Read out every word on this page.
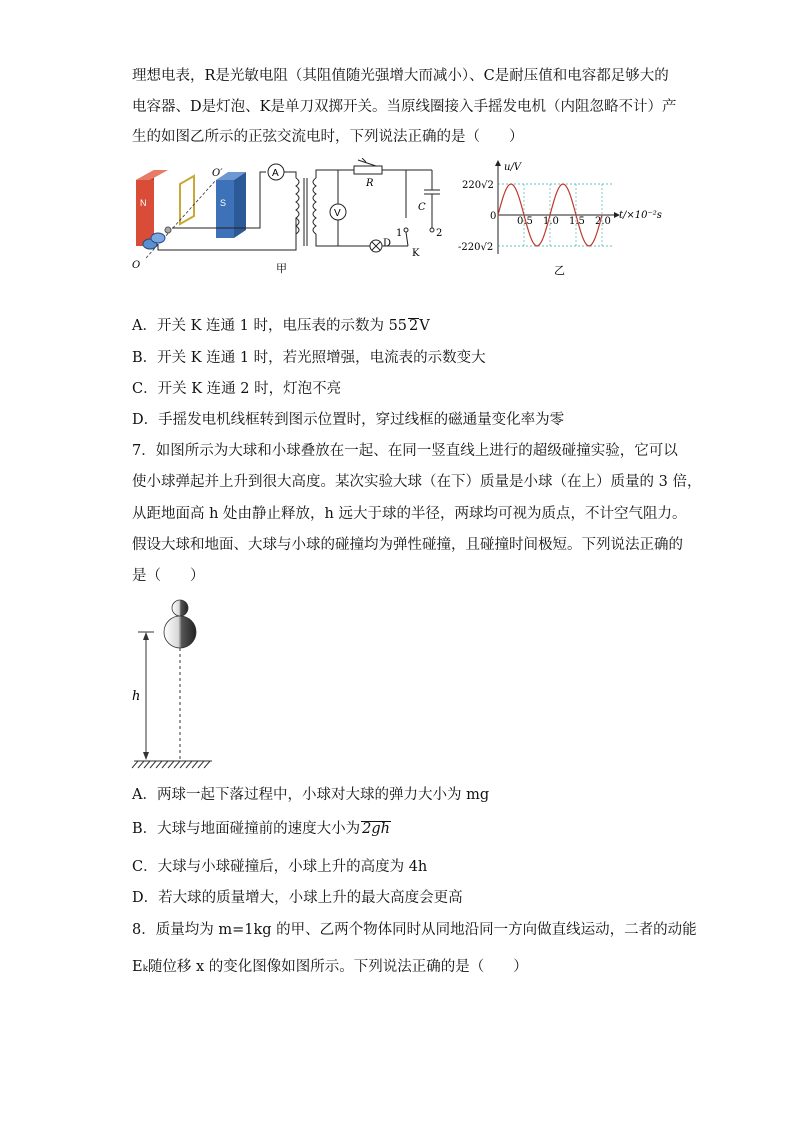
理想电表，R是光敏电阻（其阻值随光强增大而减小）、C是耐压值和电容都足够大的
电容器、D是灯泡、K是单刀双掷开关。当原线圈接入手摇发电机（内阻忽略不计）产
生的如图乙所示的正弦交流电时，下列说法正确的是（　　）
N	S
O′
O
A
V
R
D
1	2
K
C
甲
u/V
t/×10⁻²s
220√2
0
-220√2
0.5 1.0 1.5 2.0
乙
A．开关 K 连通 1 时，电压表的示数为 55 2V
B．开关 K 连通 1 时，若光照增强，电流表的示数变大
C．开关 K 连通 2 时，灯泡不亮
D．手摇发电机线框转到图示位置时，穿过线框的磁通量变化率为零
7．如图所示为大球和小球叠放在一起、在同一竖直线上进行的超级碰撞实验，它可以
使小球弹起并上升到很大高度。某次实验大球（在下）质量是小球（在上）质量的 3 倍，
从距地面高 h 处由静止释放，h 远大于球的半径，两球均可视为质点，不计空气阻力。
假设大球和地面、大球与小球的碰撞均为弹性碰撞，且碰撞时间极短。下列说法正确的
是（　　）
h
A．两球一起下落过程中，小球对大球的弹力大小为 mg
B．大球与地面碰撞前的速度大小为 2gh
C．大球与小球碰撞后，小球上升的高度为 4h
D．若大球的质量增大，小球上升的最大高度会更高
8．质量均为 m=1kg 的甲、乙两个物体同时从同地沿同一方向做直线运动，二者的动能
Eₖ随位移 x 的变化图像如图所示。下列说法正确的是（　　）
